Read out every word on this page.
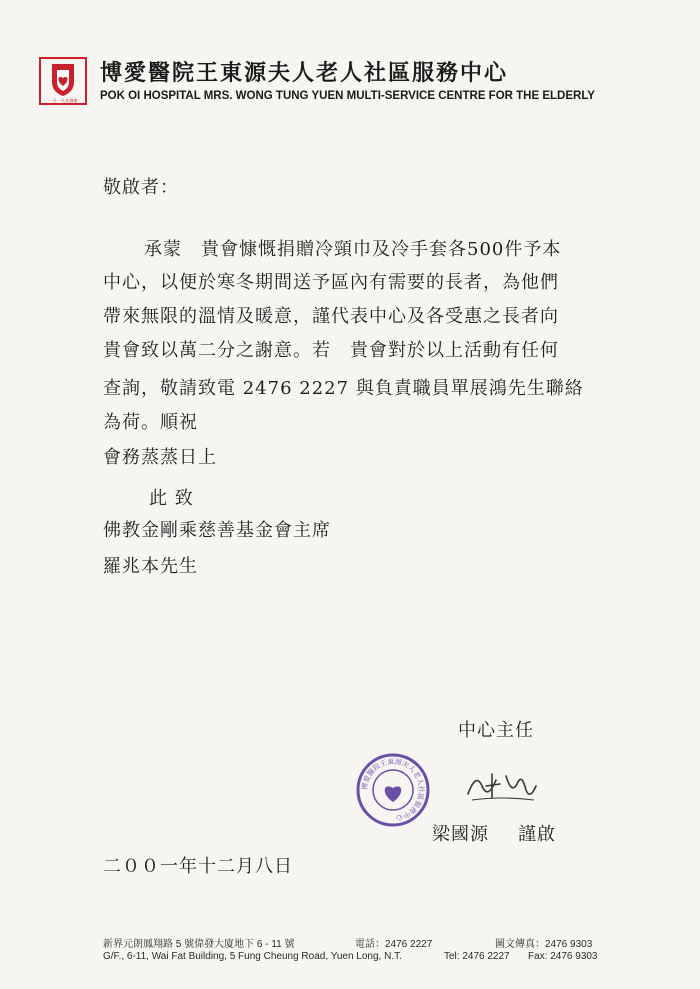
一九一九年創辦
博愛醫院王東源夫人老人社區服務中心
POK OI HOSPITAL MRS. WONG TUNG YUEN MULTI-SERVICE CENTRE FOR THE ELDERLY
敬啟者：
承蒙　貴會慷慨捐贈冷頸巾及冷手套各500件予本
中心，以便於寒冬期間送予區內有需要的長者，為他們
帶來無限的溫情及暖意，謹代表中心及各受惠之長者向
貴會致以萬二分之謝意。若　貴會對於以上活動有任何
查詢，敬請致電 2476 2227 與負責職員單展鴻先生聯絡
為荷。順祝
會務蒸蒸日上
此 致
佛教金剛乘慈善基金會主席
羅兆本先生
中心主任
博愛醫院王東源夫人老人社區服務中心
梁國源 謹啟
二００一年十二月八日
新界元朗鳳翔路 5 號偉發大廈地下 6 - 11 號	電話：2476 2227	圖文傳真：2476 9303
G/F., 6-11, Wai Fat Building, 5 Fung Cheung Road, Yuen Long, N.T.	Tel: 2476 2227 Fax: 2476 9303
